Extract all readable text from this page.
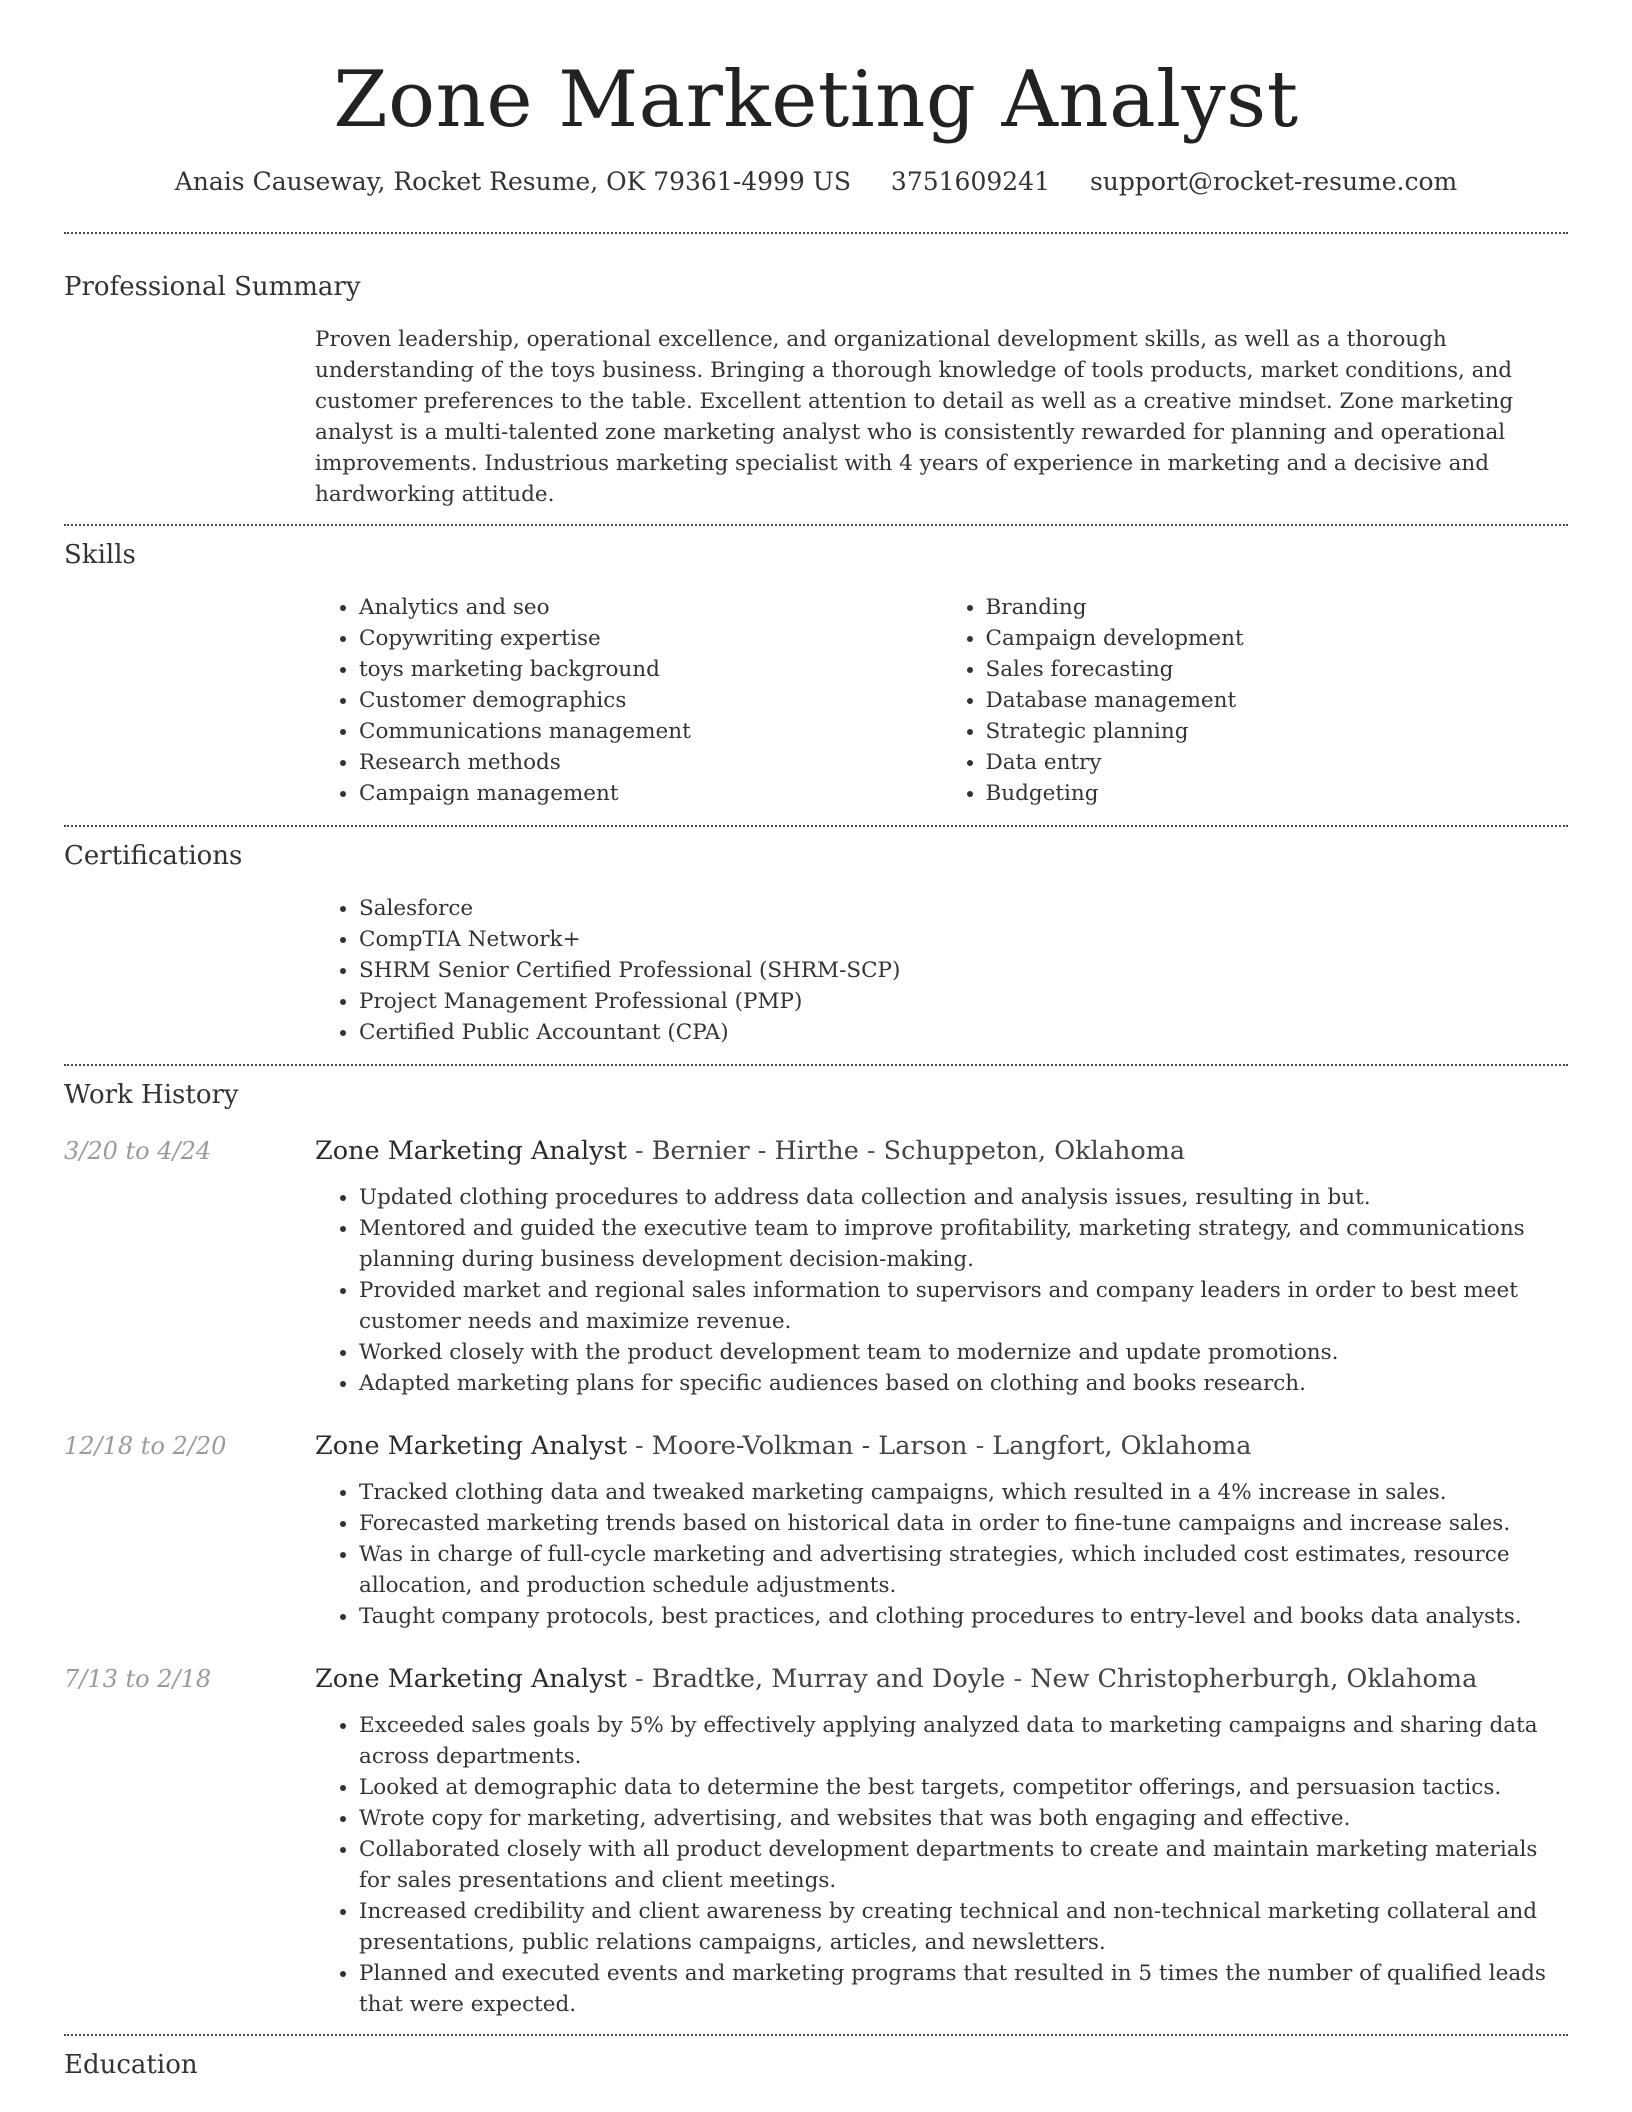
Zone Marketing Analyst
Anais Causeway, Rocket Resume, OK 79361-4999 US 3751609241 support@rocket-resume.com
Professional Summary
Proven leadership, operational excellence, and organizational development skills, as well as a thorough understanding of the toys business. Bringing a thorough knowledge of tools products, market conditions, and customer preferences to the table. Excellent attention to detail as well as a creative mindset. Zone marketing analyst is a multi-talented zone marketing analyst who is consistently rewarded for planning and operational improvements. Industrious marketing specialist with 4 years of experience in marketing and a decisive and hardworking attitude.
Skills
• Analytics and seo
• Copywriting expertise
• toys marketing background
• Customer demographics
• Communications management
• Research methods
• Campaign management
• Branding
• Campaign development
• Sales forecasting
• Database management
• Strategic planning
• Data entry
• Budgeting
Certifications
• Salesforce
• CompTIA Network+
• SHRM Senior Certified Professional (SHRM-SCP)
• Project Management Professional (PMP)
• Certified Public Accountant (CPA)
Work History
3/20 to 4/24	Zone Marketing Analyst - Bernier - Hirthe - Schuppeton, Oklahoma
• Updated clothing procedures to address data collection and analysis issues, resulting in but.
• Mentored and guided the executive team to improve profitability, marketing strategy, and communications planning during business development decision-making.
• Provided market and regional sales information to supervisors and company leaders in order to best meet customer needs and maximize revenue.
• Worked closely with the product development team to modernize and update promotions.
• Adapted marketing plans for specific audiences based on clothing and books research.
12/18 to 2/20	Zone Marketing Analyst - Moore-Volkman - Larson - Langfort, Oklahoma
• Tracked clothing data and tweaked marketing campaigns, which resulted in a 4% increase in sales.
• Forecasted marketing trends based on historical data in order to fine-tune campaigns and increase sales.
• Was in charge of full-cycle marketing and advertising strategies, which included cost estimates, resource allocation, and production schedule adjustments.
• Taught company protocols, best practices, and clothing procedures to entry-level and books data analysts.
7/13 to 2/18	Zone Marketing Analyst - Bradtke, Murray and Doyle - New Christopherburgh, Oklahoma
• Exceeded sales goals by 5% by effectively applying analyzed data to marketing campaigns and sharing data across departments.
• Looked at demographic data to determine the best targets, competitor offerings, and persuasion tactics.
• Wrote copy for marketing, advertising, and websites that was both engaging and effective.
• Collaborated closely with all product development departments to create and maintain marketing materials for sales presentations and client meetings.
• Increased credibility and client awareness by creating technical and non-technical marketing collateral and presentations, public relations campaigns, articles, and newsletters.
• Planned and executed events and marketing programs that resulted in 5 times the number of qualified leads that were expected.
Education
